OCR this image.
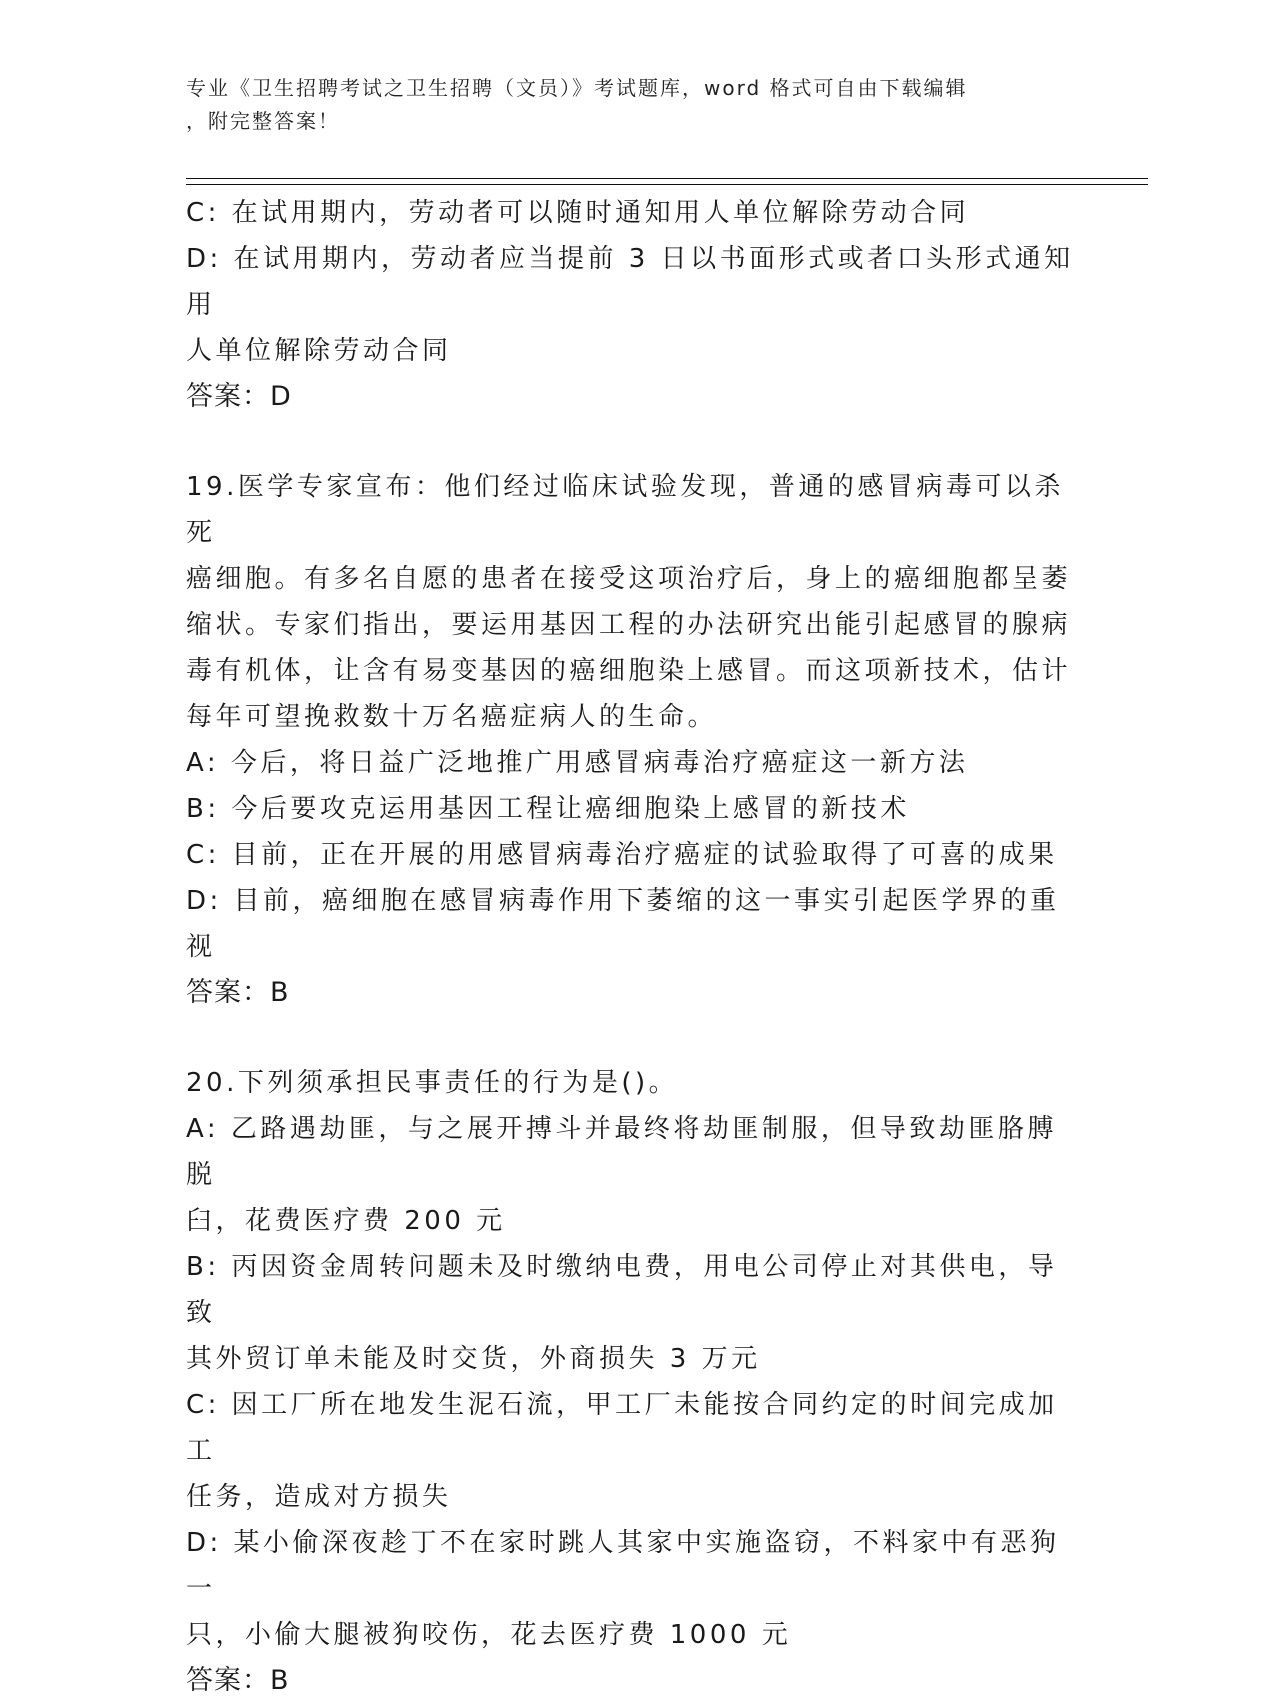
专业《卫生招聘考试之卫生招聘（文员）》考试题库，word 格式可自由下载编辑
，附完整答案！

C: 在试用期内，劳动者可以随时通知用人单位解除劳动合同

D: 在试用期内，劳动者应当提前 3 日以书面形式或者口头形式通知用

人单位解除劳动合同

答案：D

19.医学专家宣布：他们经过临床试验发现，普通的感冒病毒可以杀死

癌细胞。有多名自愿的患者在接受这项治疗后，身上的癌细胞都呈萎

缩状。专家们指出，要运用基因工程的办法研究出能引起感冒的腺病

毒有机体，让含有易变基因的癌细胞染上感冒。而这项新技术，估计

每年可望挽救数十万名癌症病人的生命。

A: 今后，将日益广泛地推广用感冒病毒治疗癌症这一新方法

B: 今后要攻克运用基因工程让癌细胞染上感冒的新技术

C: 目前，正在开展的用感冒病毒治疗癌症的试验取得了可喜的成果

D: 目前，癌细胞在感冒病毒作用下萎缩的这一事实引起医学界的重视

答案：B

20.下列须承担民事责任的行为是()。

A: 乙路遇劫匪，与之展开搏斗并最终将劫匪制服，但导致劫匪胳膊脱

臼，花费医疗费 200 元

B: 丙因资金周转问题未及时缴纳电费，用电公司停止对其供电，导致

其外贸订单未能及时交货，外商损失 3 万元

C: 因工厂所在地发生泥石流，甲工厂未能按合同约定的时间完成加工

任务，造成对方损失

D: 某小偷深夜趁丁不在家时跳人其家中实施盗窃，不料家中有恶狗一

只，小偷大腿被狗咬伤，花去医疗费 1000 元

答案：B
